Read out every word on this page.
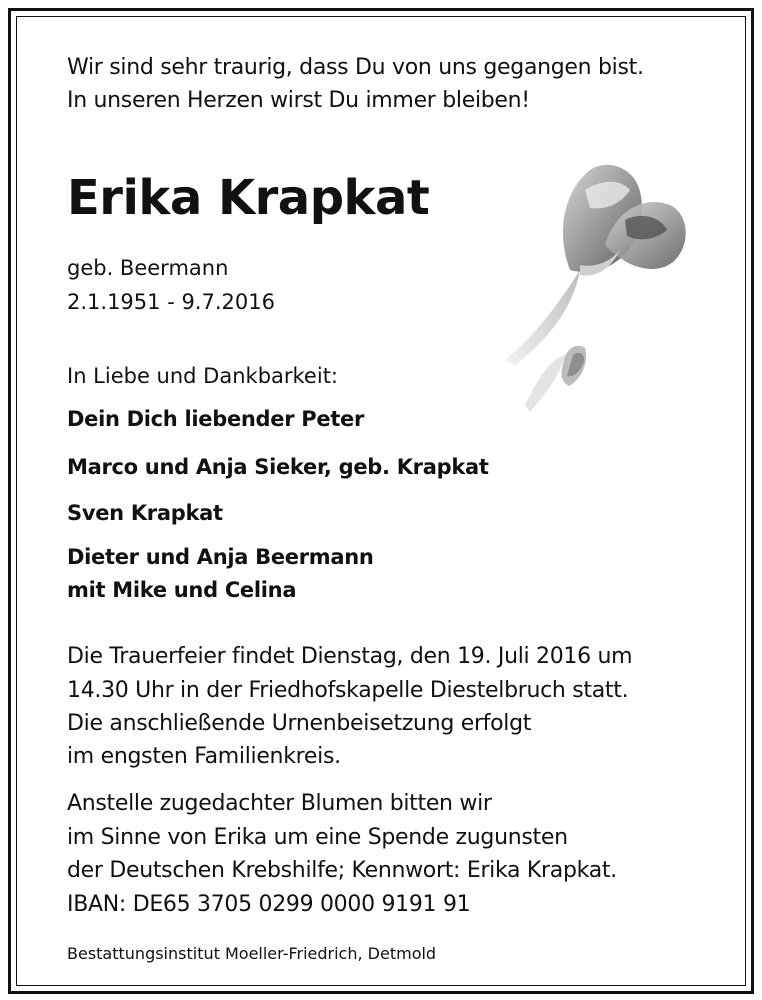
Wir sind sehr traurig, dass Du von uns gegangen bist.
In unseren Herzen wirst Du immer bleiben!
Erika Krapkat
geb. Beermann
2.1.1951 - 9.7.2016
In Liebe und Dankbarkeit:
Dein Dich liebender Peter
Marco und Anja Sieker, geb. Krapkat
Sven Krapkat
Dieter und Anja Beermann
mit Mike und Celina
Die Trauerfeier findet Dienstag, den 19. Juli 2016 um
14.30 Uhr in der Friedhofskapelle Diestelbruch statt.
Die anschließende Urnenbeisetzung erfolgt
im engsten Familienkreis.
Anstelle zugedachter Blumen bitten wir
im Sinne von Erika um eine Spende zugunsten
der Deutschen Krebshilfe; Kennwort: Erika Krapkat.
IBAN: DE65 3705 0299 0000 9191 91
Bestattungsinstitut Moeller-Friedrich, Detmold
